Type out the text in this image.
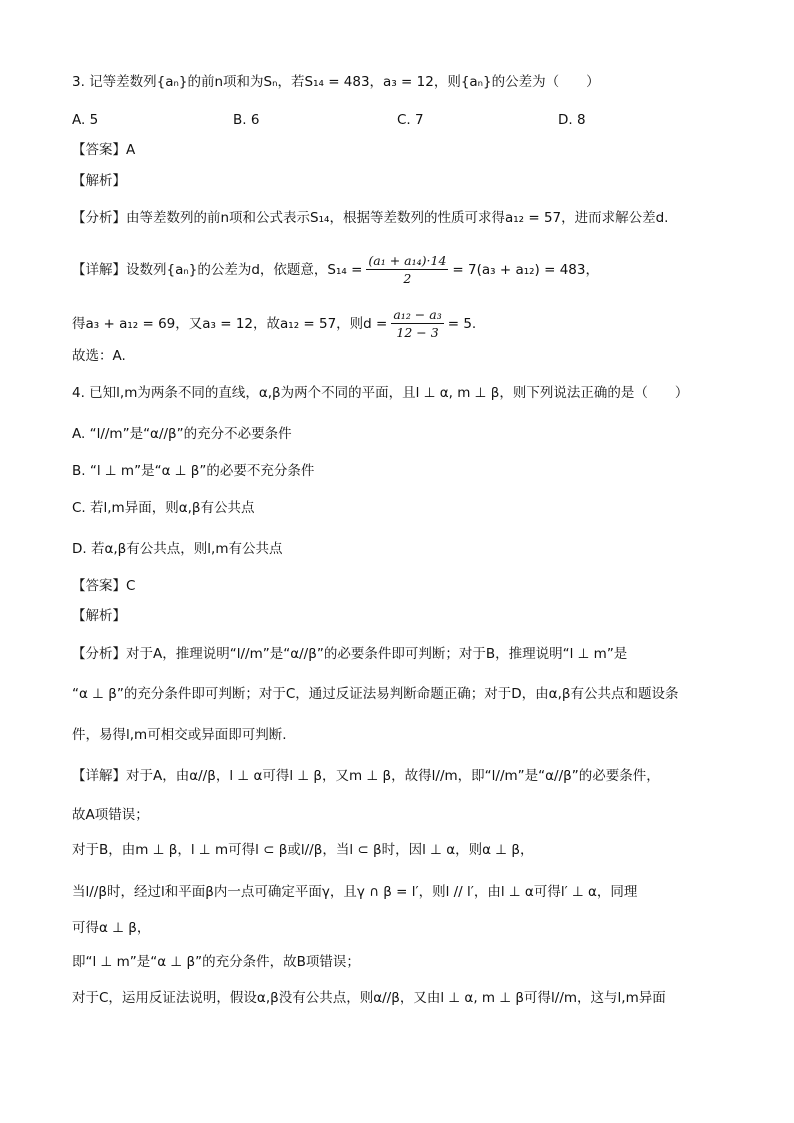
3. 记等差数列{aₙ}的前n项和为Sₙ，若S₁₄ = 483，a₃ = 12，则{aₙ}的公差为（　　）
A. 5	B. 6	C. 7	D. 8
【答案】A
【解析】
【分析】由等差数列的前n项和公式表示S₁₄，根据等差数列的性质可求得a₁₂ = 57，进而求解公差d.
【详解】设数列{aₙ}的公差为d，依题意，$S_{14} = \frac{\text{(a₁ + a₁₄)·14}}{2} = 7(a_3 + a_{12}) = 483$，
得a₃ + a₁₂ = 69，又a₃ = 12，故a₁₂ = 57，则$d = \frac{\text{a₁₂ − a₃}}{12 - 3} = 5$.
故选：A.
4. 已知l,m为两条不同的直线，α,β为两个不同的平面，且l ⊥ α, m ⊥ β，则下列说法正确的是（　　）
A. “l//m”是“α//β”的充分不必要条件
B. “l ⊥ m”是“α ⊥ β”的必要不充分条件
C. 若l,m异面，则α,β有公共点
D. 若α,β有公共点，则l,m有公共点
【答案】C
【解析】
【分析】对于A，推理说明“l//m”是“α//β”的必要条件即可判断；对于B，推理说明“l ⊥ m”是
“α ⊥ β”的充分条件即可判断；对于C，通过反证法易判断命题正确；对于D，由α,β有公共点和题设条
件，易得l,m可相交或异面即可判断.
【详解】对于A，由α//β，l ⊥ α可得l ⊥ β，又m ⊥ β，故得l//m，即“l//m”是“α//β”的必要条件，
故A项错误；
对于B，由m ⊥ β，l ⊥ m可得l ⊂ β或l//β，当l ⊂ β时，因l ⊥ α，则α ⊥ β，
当l//β时，经过l和平面β内一点可确定平面γ，且γ ∩ β = l′，则l // l′，由l ⊥ α可得l′ ⊥ α，同理
可得α ⊥ β，
即“l ⊥ m”是“α ⊥ β”的充分条件，故B项错误；
对于C，运用反证法说明，假设α,β没有公共点，则α//β，又由l ⊥ α, m ⊥ β可得l//m，这与l,m异面
